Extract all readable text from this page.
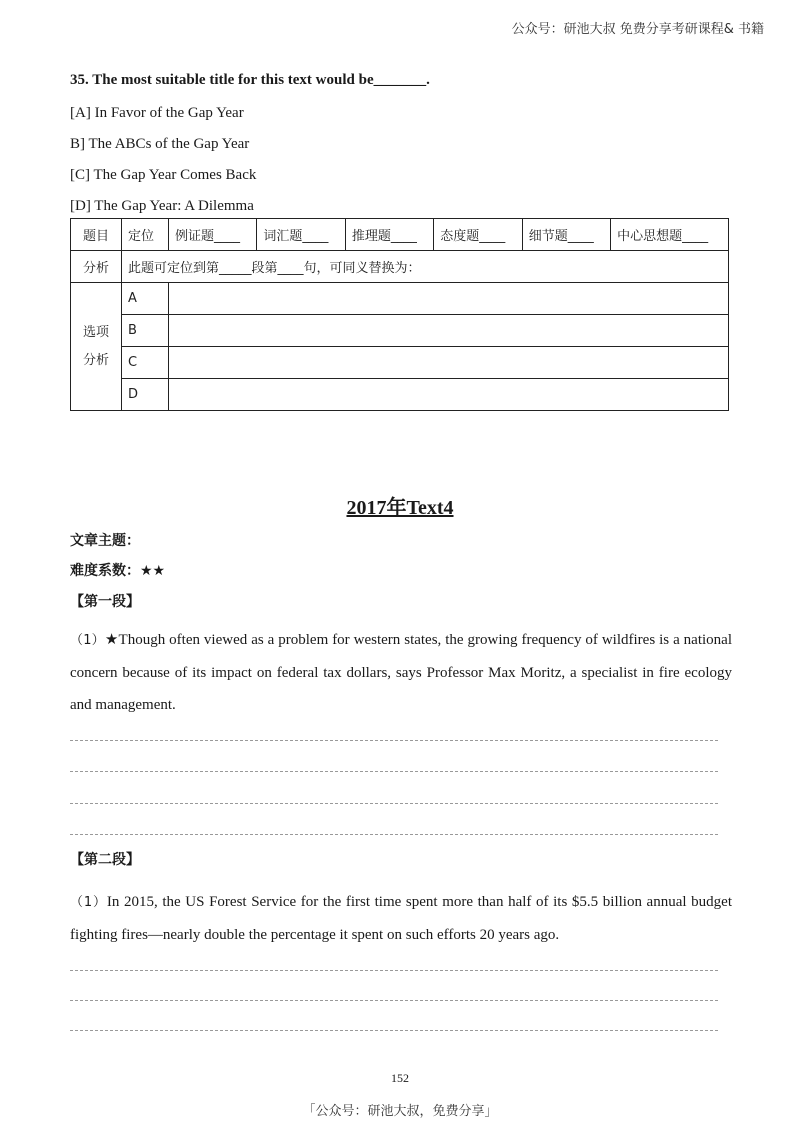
公众号：研池大叔 免费分享考研课程& 书籍
35. The most suitable title for this text would be_______.
[A] In Favor of the Gap Year
B] The ABCs of the Gap Year
[C] The Gap Year Comes Back
[D] The Gap Year: A Dilemma
题目	定位	例证题____	词汇题____	推理题____	态度题____	细节题____	中心思想题____
分析	此题可定位到第_____段第____句，可同义替换为：						

选项
分析	A						
	B						
	C						
	D						
2017年Text4
文章主题：
难度系数：★★
【第一段】
（1）★Though often viewed as a problem for western states, the growing frequency of wildfires is a national concern because of its impact on federal tax dollars, says Professor Max Moritz, a specialist in fire ecology and management.
【第二段】
（1）In 2015, the US Forest Service for the first time spent more than half of its $5.5 billion annual budget fighting fires—nearly double the percentage it spent on such efforts 20 years ago.
152
「公众号：研池大叔，免费分享」
